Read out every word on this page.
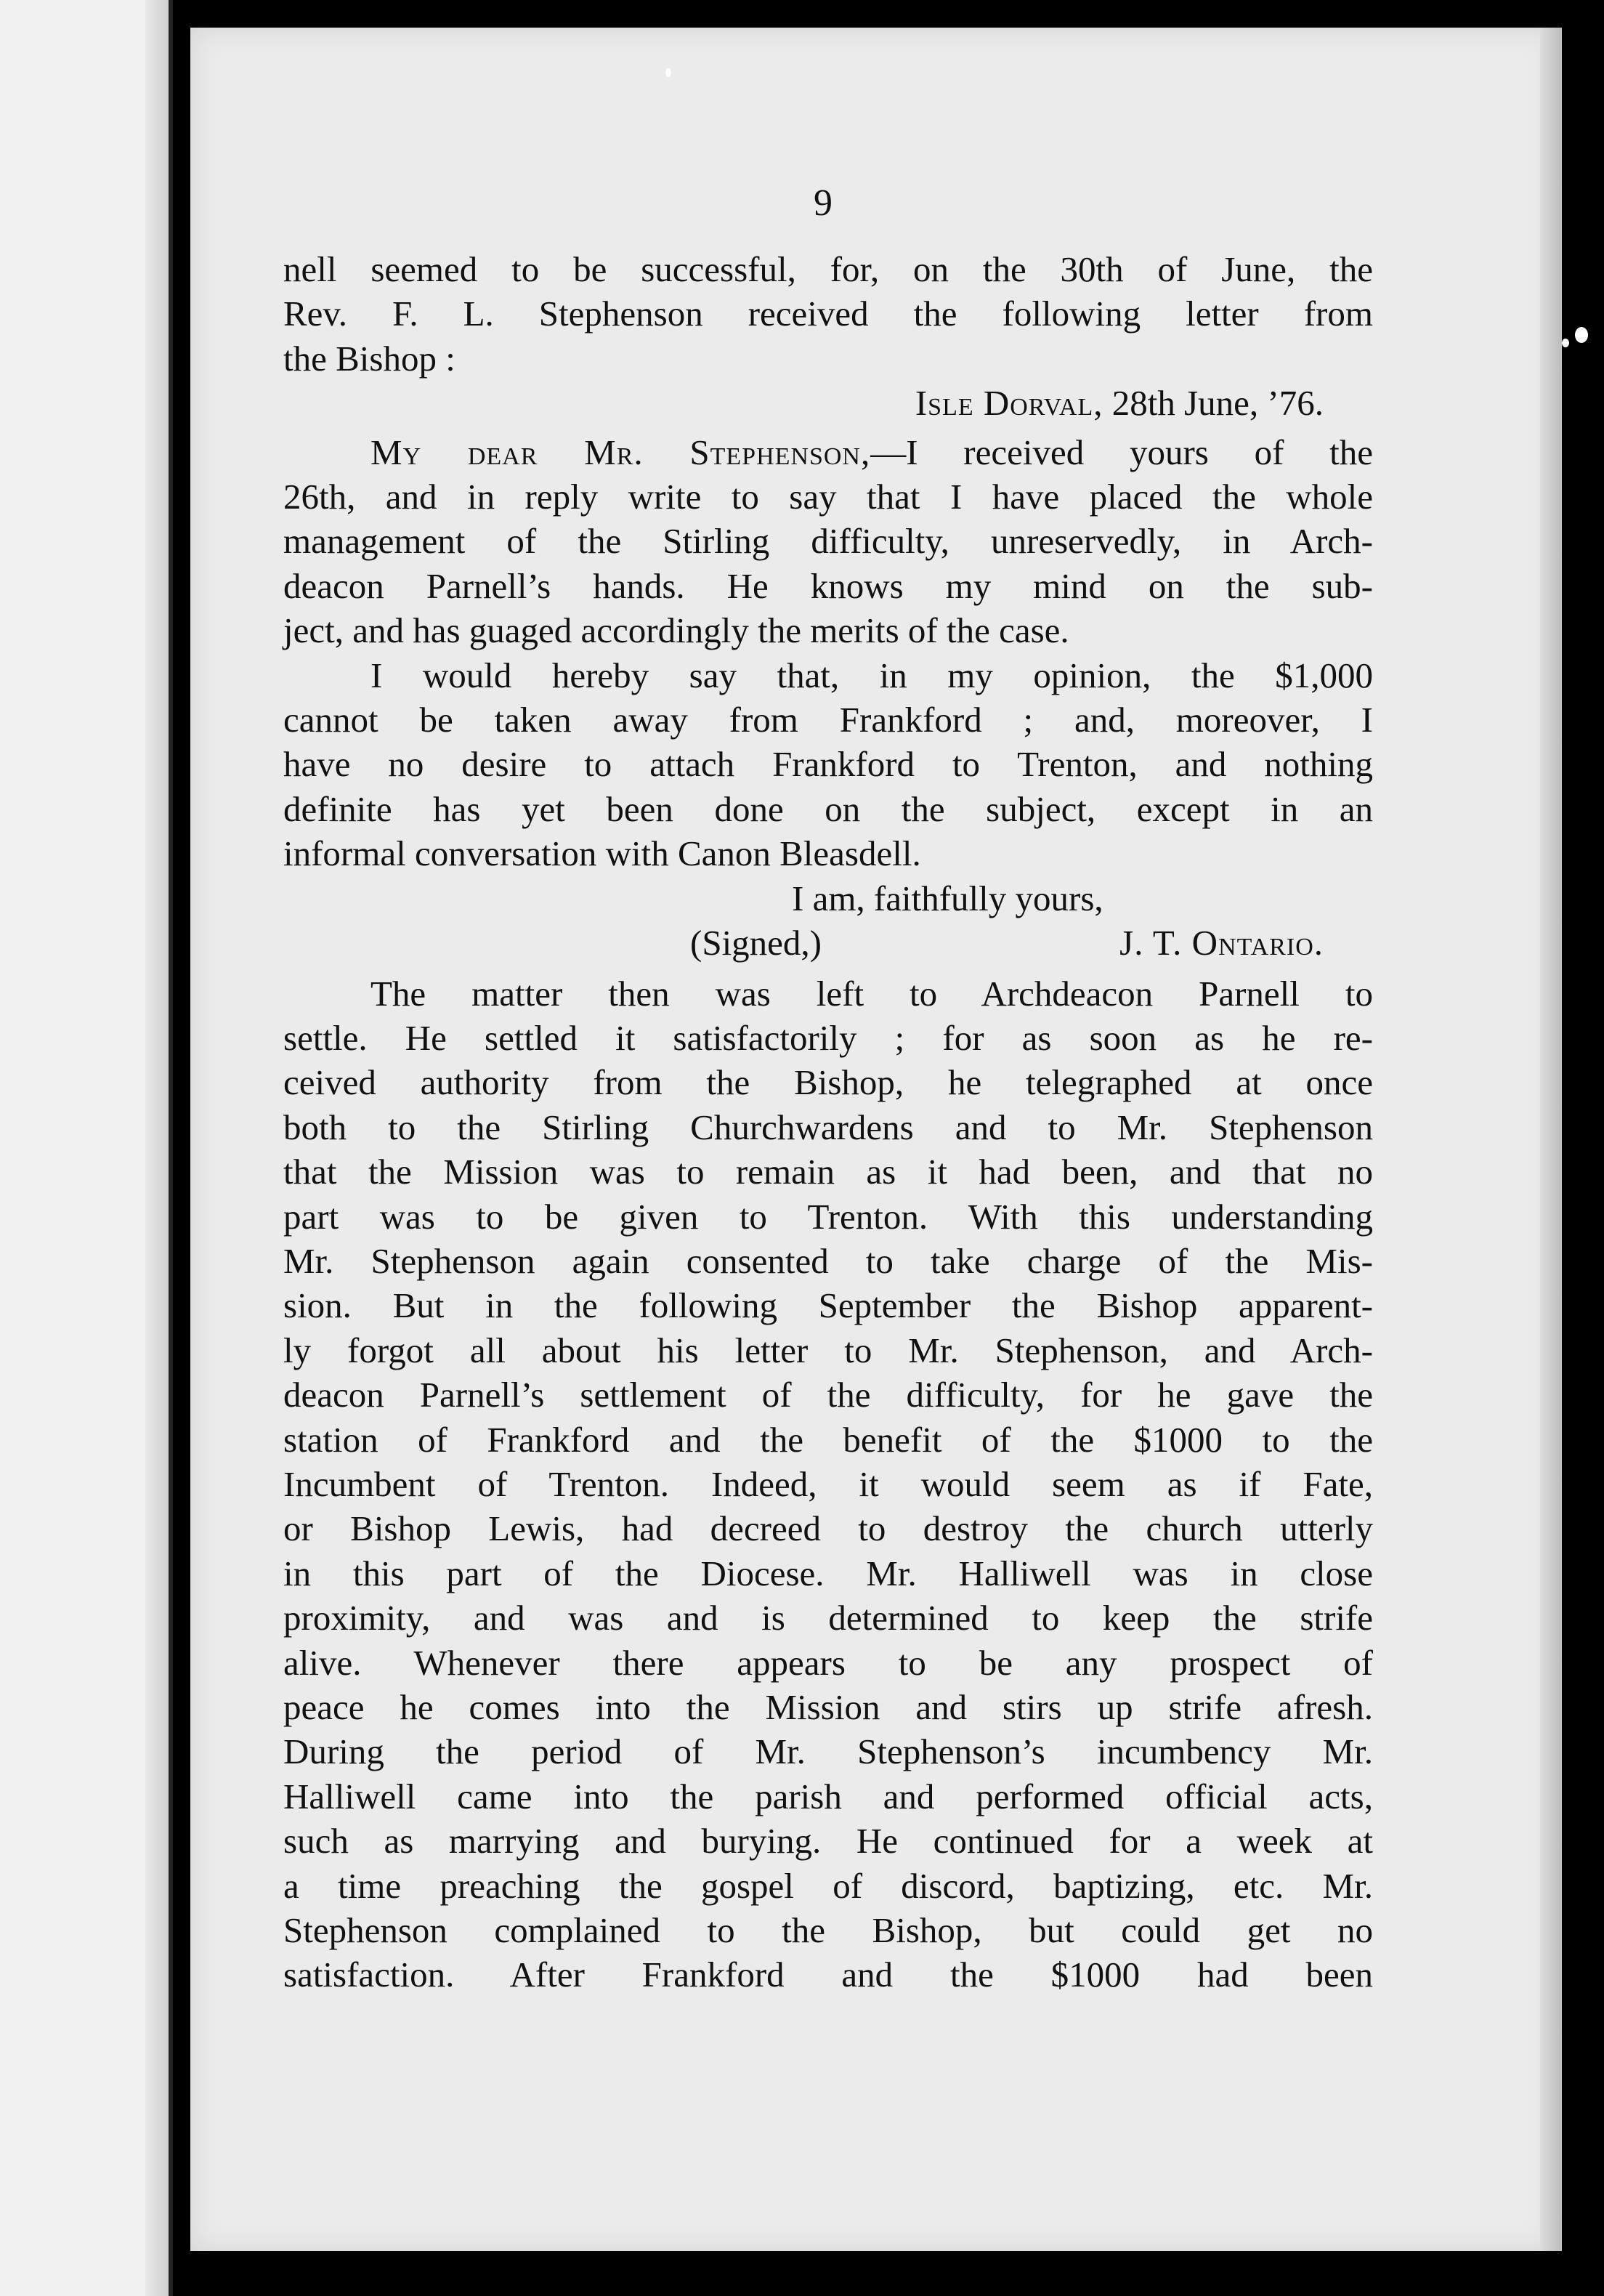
9

nell seemed to be successful, for, on the 30th of June, the
Rev. F. L. Stephenson received the following letter from
the Bishop :

Isle Dorval, 28th June, ’76.

My dear Mr. Stephenson,—I received yours of the
26th, and in reply write to say that I have placed the whole
management of the Stirling difficulty, unreservedly, in Arch-
deacon Parnell’s hands. He knows my mind on the sub-
ject, and has guaged accordingly the merits of the case.

I would hereby say that, in my opinion, the $1,000
cannot be taken away from Frankford ; and, moreover, I
have no desire to attach Frankford to Trenton, and nothing
definite has yet been done on the subject, except in an
informal conversation with Canon Bleasdell.

I am, faithfully yours,

(Signed,)	J. T. Ontario.

The matter then was left to Archdeacon Parnell to
settle. He settled it satisfactorily ; for as soon as he re-
ceived authority from the Bishop, he telegraphed at once
both to the Stirling Churchwardens and to Mr. Stephenson
that the Mission was to remain as it had been, and that no
part was to be given to Trenton. With this understanding
Mr. Stephenson again consented to take charge of the Mis-
sion. But in the following September the Bishop apparent-
ly forgot all about his letter to Mr. Stephenson, and Arch-
deacon Parnell’s settlement of the difficulty, for he gave the
station of Frankford and the benefit of the $1000 to the
Incumbent of Trenton. Indeed, it would seem as if Fate,
or Bishop Lewis, had decreed to destroy the church utterly
in this part of the Diocese. Mr. Halliwell was in close
proximity, and was and is determined to keep the strife
alive. Whenever there appears to be any prospect of
peace he comes into the Mission and stirs up strife afresh.
During the period of Mr. Stephenson’s incumbency Mr.
Halliwell came into the parish and performed official acts,
such as marrying and burying. He continued for a week at
a time preaching the gospel of discord, baptizing, etc. Mr.
Stephenson complained to the Bishop, but could get no
satisfaction. After Frankford and the $1000 had been
